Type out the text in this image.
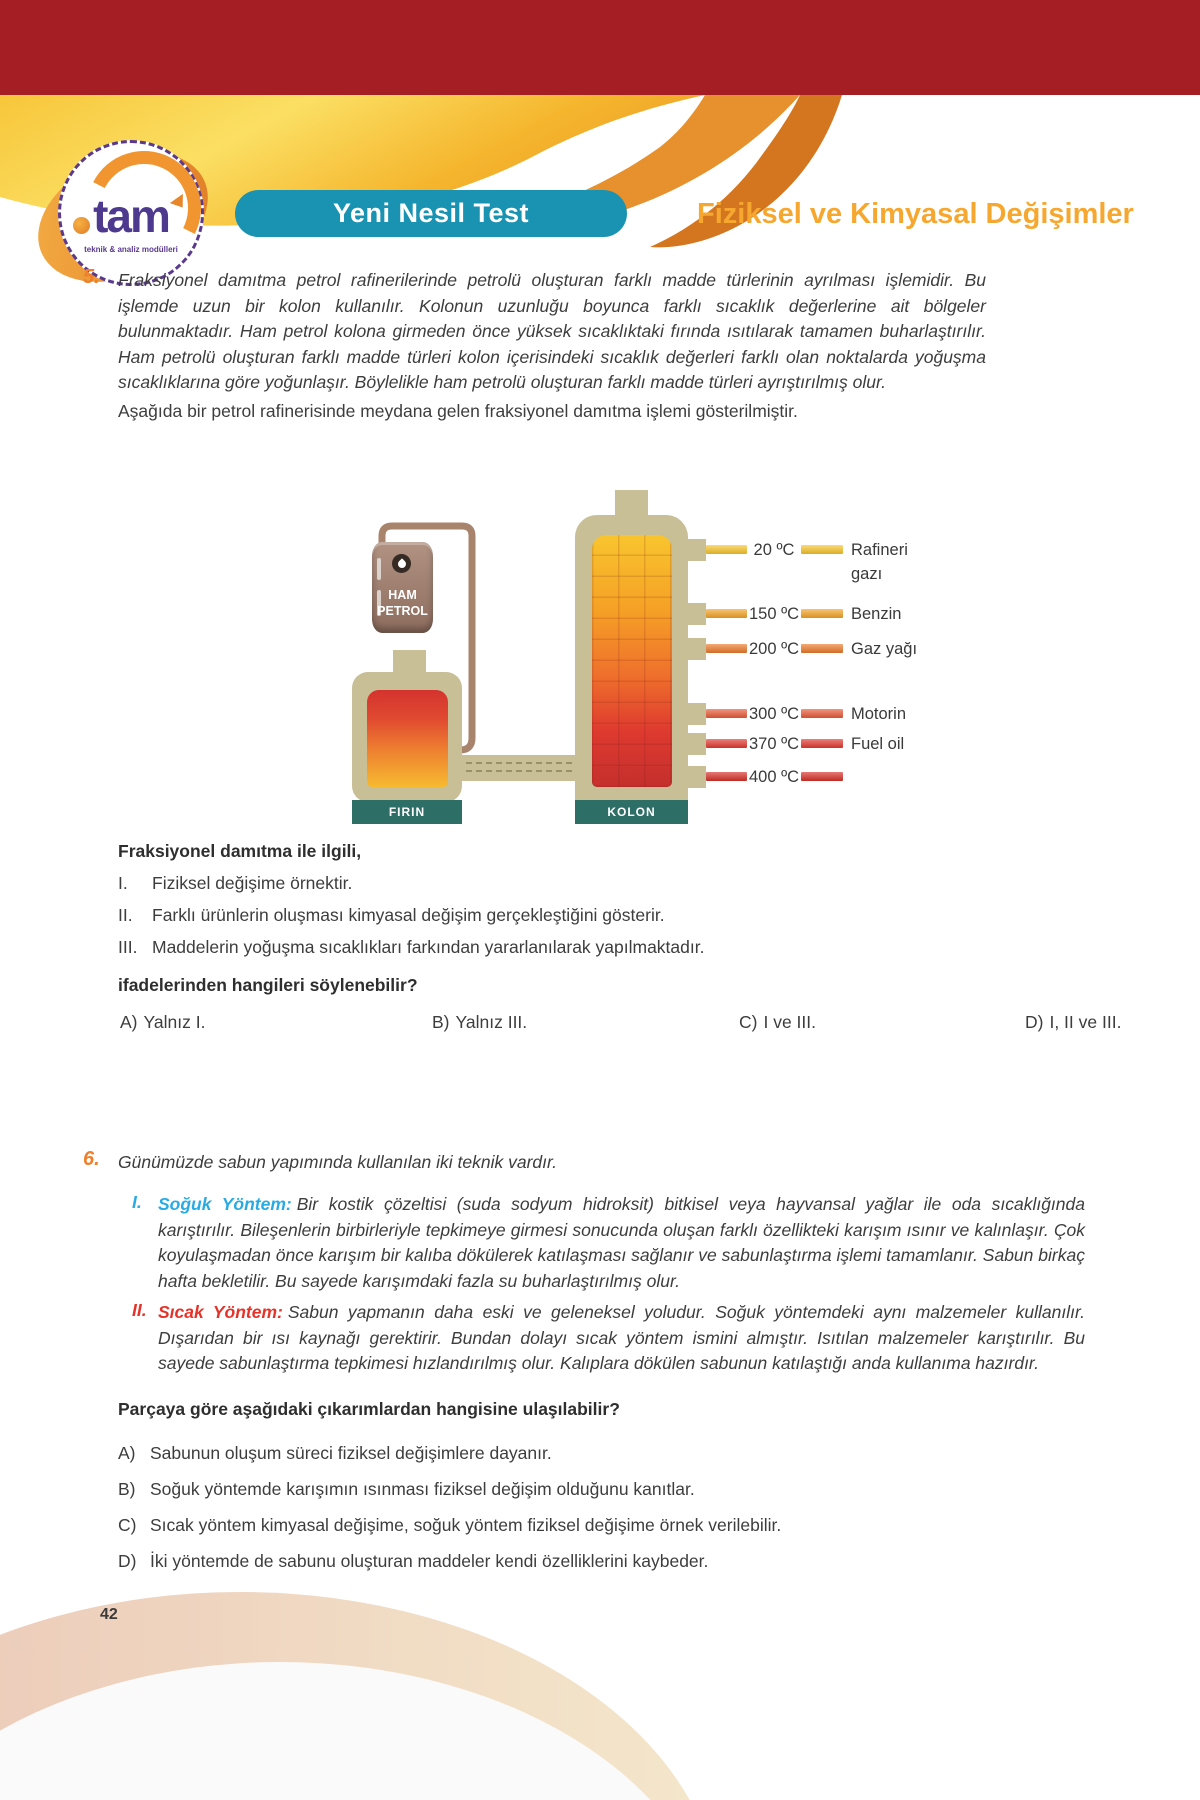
tam
teknik & analiz modülleri
Yeni Nesil Test	Fiziksel ve Kimyasal Değişimler
5. Fraksiyonel damıtma petrol rafinerilerinde petrolü oluşturan farklı madde türlerinin ayrılması işlemidir. Bu işlemde uzun bir kolon kullanılır. Kolonun uzunluğu boyunca farklı sıcaklık değerlerine ait bölgeler bulunmaktadır. Ham petrol kolona girmeden önce yüksek sıcaklıktaki fırında ısıtılarak tamamen buharlaştırılır. Ham petrolü oluşturan farklı madde türleri kolon içerisindeki sıcaklık değerleri farklı olan noktalarda yoğuşma sıcaklıklarına göre yoğunlaşır. Böylelikle ham petrolü oluşturan farklı madde türleri ayrıştırılmış olur.
Aşağıda bir petrol rafinerisinde meydana gelen fraksiyonel damıtma işlemi gösterilmiştir.
HAM PETROL
FIRIN	KOLON
20 ºC	Rafineri gazı
150 ºC	Benzin
200 ºC	Gaz yağı
300 ºC	Motorin
370 ºC	Fuel oil
400 ºC
Fraksiyonel damıtma ile ilgili,
I. Fiziksel değişime örnektir.
II. Farklı ürünlerin oluşması kimyasal değişim gerçekleştiğini gösterir.
III. Maddelerin yoğuşma sıcaklıkları farkından yararlanılarak yapılmaktadır.
ifadelerinden hangileri söylenebilir?
A) Yalnız I.	B) Yalnız III.	C) I ve III.	D) I, II ve III.
6. Günümüzde sabun yapımında kullanılan iki teknik vardır.
I. Soğuk Yöntem: Bir kostik çözeltisi (suda sodyum hidroksit) bitkisel veya hayvansal yağlar ile oda sıcaklığında karıştırılır. Bileşenlerin birbirleriyle tepkimeye girmesi sonucunda oluşan farklı özellikteki karışım ısınır ve kalınlaşır. Çok koyulaşmadan önce karışım bir kalıba dökülerek katılaşması sağlanır ve sabunlaştırma işlemi tamamlanır. Sabun birkaç hafta bekletilir. Bu sayede karışımdaki fazla su buharlaştırılmış olur.

II. Sıcak Yöntem: Sabun yapmanın daha eski ve geleneksel yoludur. Soğuk yöntemdeki aynı malzemeler kullanılır. Dışarıdan bir ısı kaynağı gerektirir. Bundan dolayı sıcak yöntem ismini almıştır. Isıtılan malzemeler karıştırılır. Bu sayede sabunlaştırma tepkimesi hızlandırılmış olur. Kalıplara dökülen sabunun katılaştığı anda kullanıma hazırdır.

Parçaya göre aşağıdaki çıkarımlardan hangisine ulaşılabilir?
A) Sabunun oluşum süreci fiziksel değişimlere dayanır.
B) Soğuk yöntemde karışımın ısınması fiziksel değişim olduğunu kanıtlar.
C) Sıcak yöntem kimyasal değişime, soğuk yöntem fiziksel değişime örnek verilebilir.
D) İki yöntemde de sabunu oluşturan maddeler kendi özelliklerini kaybeder.
42
